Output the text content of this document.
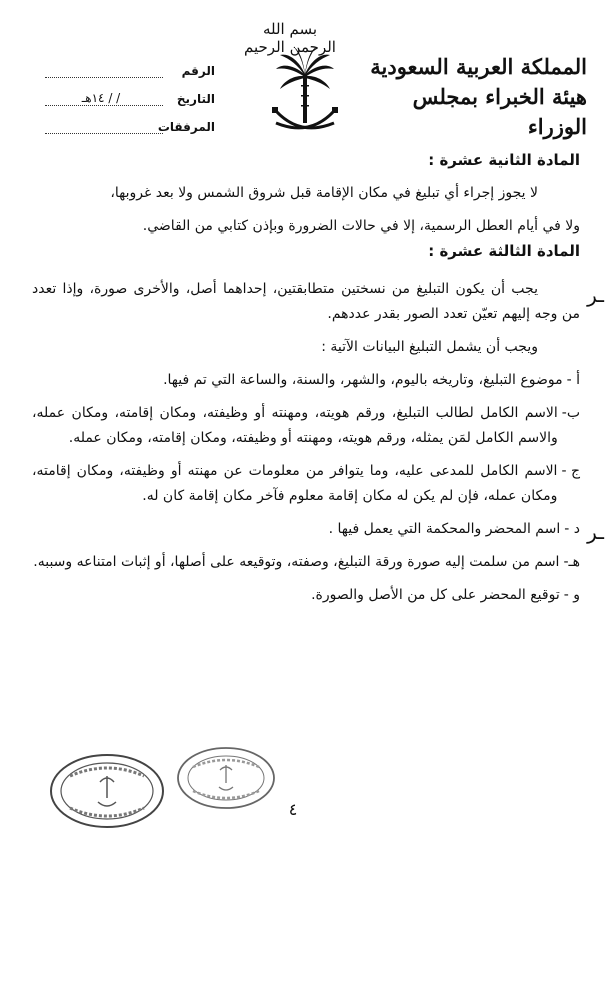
بسم الله الرحمن الرحيم
المملكة العربية السعودية
هيئة الخبراء بمجلس الوزراء
الرقم
التاريخ
/ / ١٤هـ
المرفقات

المادة الثانية عشرة :

لا يجوز إجراء أي تبليغ في مكان الإقامة قبل شروق الشمس ولا بعد غروبها،

ولا في أيام العطل الرسمية، إلا في حالات الضرورة وبإذن كتابي من القاضي.

المادة الثالثة عشرة :

يجب أن يكون التبليغ من نسختين متطابقتين، إحداهما أصل، والأخرى صورة، وإذا تعدد من وجه إليهم تعيّن تعدد الصور بقدر عددهم.

ويجب أن يشمل التبليغ البيانات الآتية :

أ -
موضوع التبليغ، وتاريخه باليوم، والشهر، والسنة، والساعة التي تم فيها.
ب-
الاسم الكامل لطالب التبليغ، ورقم هويته، ومهنته أو وظيفته، ومكان إقامته، ومكان عمله، والاسم الكامل لمَن يمثله، ورقم هويته، ومهنته أو وظيفته، ومكان إقامته، ومكان عمله.
ج -
الاسم الكامل للمدعى عليه، وما يتوافر من معلومات عن مهنته أو وظيفته، ومكان إقامته، ومكان عمله، فإن لم يكن له مكان إقامة معلوم فآخر مكان إقامة كان له.
د -
اسم المحضر والمحكمة التي يعمل فيها .
هـ-
اسم من سلمت إليه صورة ورقة التبليغ، وصفته، وتوقيعه على أصلها، أو إثبات امتناعه وسببه.
و -
توقيع المحضر على كل من الأصل والصورة.
ـر
ـر
٤
